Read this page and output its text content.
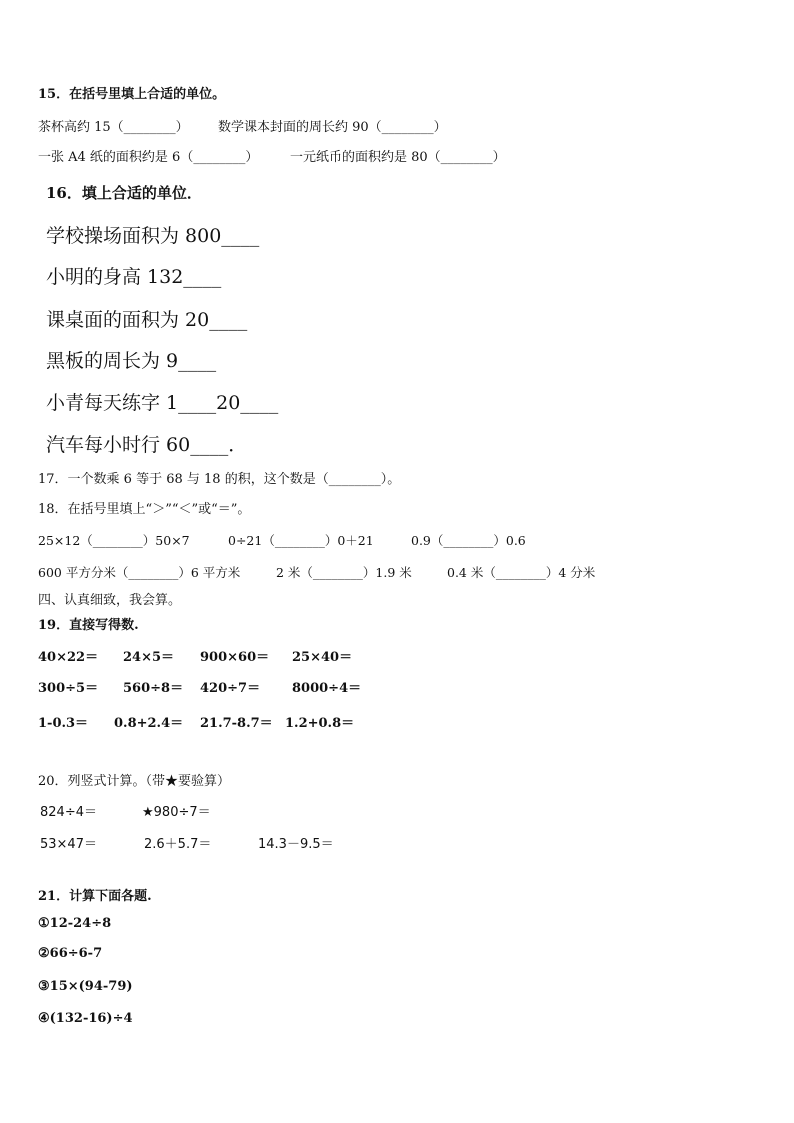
15．在括号里填上合适的单位。
茶杯高约 15（________） 数学课本封面的周长约 90（________）
一张 A4 纸的面积约是 6（________） 一元纸币的面积约是 80（________）
16．填上合适的单位．
学校操场面积为 800____
小明的身高 132____
课桌面的面积为 20____
黑板的周长为 9____
小青每天练字 1____20____
汽车每小时行 60____．
17．一个数乘 6 等于 68 与 18 的积，这个数是（________）。
18．在括号里填上“＞”“＜”或“＝”。
25×12（________）50×7	0÷21（________）0＋21	0.9（________）0.6
600 平方分米（________）6 平方米	2 米（________）1.9 米	0.4 米（________）4 分米
四、认真细致，我会算。
19．直接写得数.
40×22＝ 24×5＝ 900×60＝ 25×40＝
300÷5＝ 560÷8＝ 420÷7＝ 8000÷4＝
1-0.3＝ 0.8+2.4＝ 21.7-8.7＝ 1.2+0.8＝
20．列竖式计算。（带★要验算）
824÷4＝	★980÷7＝
53×47＝	2.6＋5.7＝	14.3－9.5＝
21．计算下面各题.
①12-24÷8
②66÷6-7
③15×(94-79)
④(132-16)÷4
